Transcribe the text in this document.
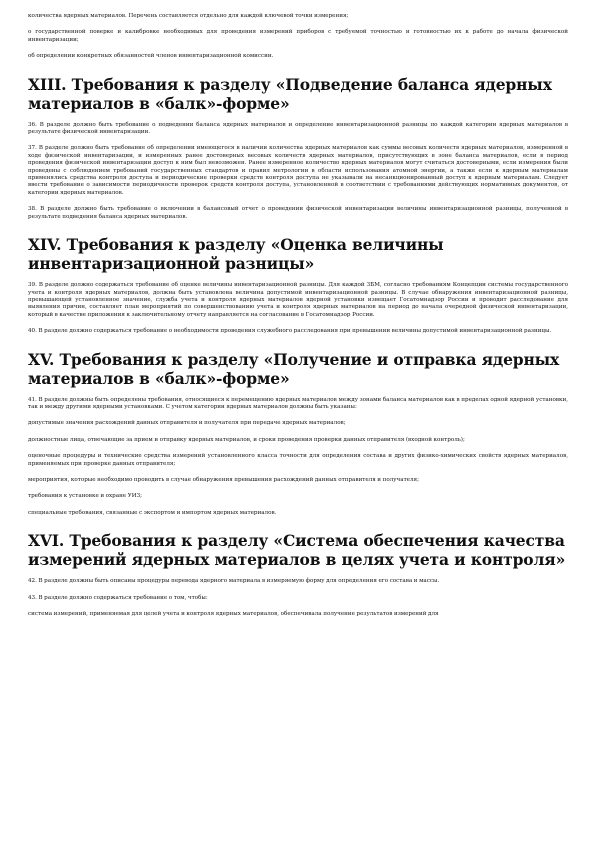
количества ядерных материалов. Перечень составляется отдельно для каждой ключевой точки измерения;

о государственной поверке и калибровке необходимых для проведения измерений приборов с требуемой точностью и готовностью их к работе до начала физической инвентаризации;

об определении конкретных обязанностей членов инвентаризационной комиссии.

XIII. Требования к разделу «Подведение баланса ядерных материалов в «балк»-форме»

36. В разделе должно быть требование о подведении баланса ядерных материалов и определение инвентаризационной разницы по каждой категории ядерных материалов в результате физической инвентаризации.

37. В разделе должно быть требование об определении имеющегося в наличии количества ядерных материалов как суммы весовых количеств ядерных материалов, измеренной в ходе физической инвентаризации, и измеренных ранее достоверных весовых количеств ядерных материалов, присутствующих в зоне баланса материалов, если в период проведения физической инвентаризации доступ к ним был невозможен. Ранее измеренное количество ядерных материалов могут считаться достоверными, если измерения были проведены с соблюдением требований государственных стандартов и правил метрологии в области использования атомной энергии, а также если к ядерным материалам применялись средства контроля доступа и периодические проверки средств контроля доступа не указывали на несанкционированный доступ к ядерным материалам. Следует ввести требование о зависимости периодичности проверок средств контроля доступа, установленной в соответствии с требованиями действующих нормативных документов, от категории ядерных материалов.

38. В разделе должно быть требование о включении в балансовый отчет о проведении физической инвентаризации величины инвентаризационной разницы, полученной в результате подведения баланса ядерных материалов.

XIV. Требования к разделу «Оценка величины инвентаризационной разницы»

39. В разделе должно содержаться требование об оценке величины инвентаризационной разницы. Для каждой ЗБМ, согласно требованиям Концепции системы государственного учета и контроля ядерных материалов, должна быть установлена величина допустимой инвентаризационной разницы. В случае обнаружения инвентаризационной разницы, превышающей установленное значение, служба учета и контроля ядерных материалов ядерной установки извещает Госатомнадзор России и проводит расследование для выявления причин, составляет план мероприятий по совершенствованию учета и контроля ядерных материалов на период до начала очередной физической инвентаризации, который в качестве приложения к заключительному отчету направляется на согласование в Госатомнадзор России.

40. В разделе должно содержаться требование о необходимости проведения служебного расследования при превышении величины допустимой инвентаризационной разницы.

XV. Требования к разделу «Получение и отправка ядерных материалов в «балк»-форме»

41. В разделе должны быть определены требования, относящиеся к перемещению ядерных материалов между зонами баланса материалов как в пределах одной ядерной установки, так и между другими ядерными установками. С учетом категории ядерных материалов должны быть указаны:

допустимые значения расхождений данных отправителя и получателя при передаче ядерных материалов;

должностные лица, отвечающие за прием и отправку ядерных материалов, и сроки проведения проверки данных отправителя (входной контроль);

оценочные процедуры и технические средства измерений установленного класса точности для определения состава и других физико-химических свойств ядерных материалов, применяемых при проверке данных отправителя;

мероприятия, которые необходимо проводить в случае обнаружения превышения расхождений данных отправителя и получателя;

требования к установке и охране УИЗ;

специальные требования, связанные с экспортом и импортом ядерных материалов.

XVI. Требования к разделу «Система обеспечения качества измерений ядерных материалов в целях учета и контроля»

42. В разделе должны быть описаны процедуры перевода ядерного материала в измеряемую форму для определения его состава и массы.

43. В разделе должно содержаться требование о том, чтобы:

система измерений, применяемая для целей учета и контроля ядерных материалов, обеспечивала получение результатов измерений для
